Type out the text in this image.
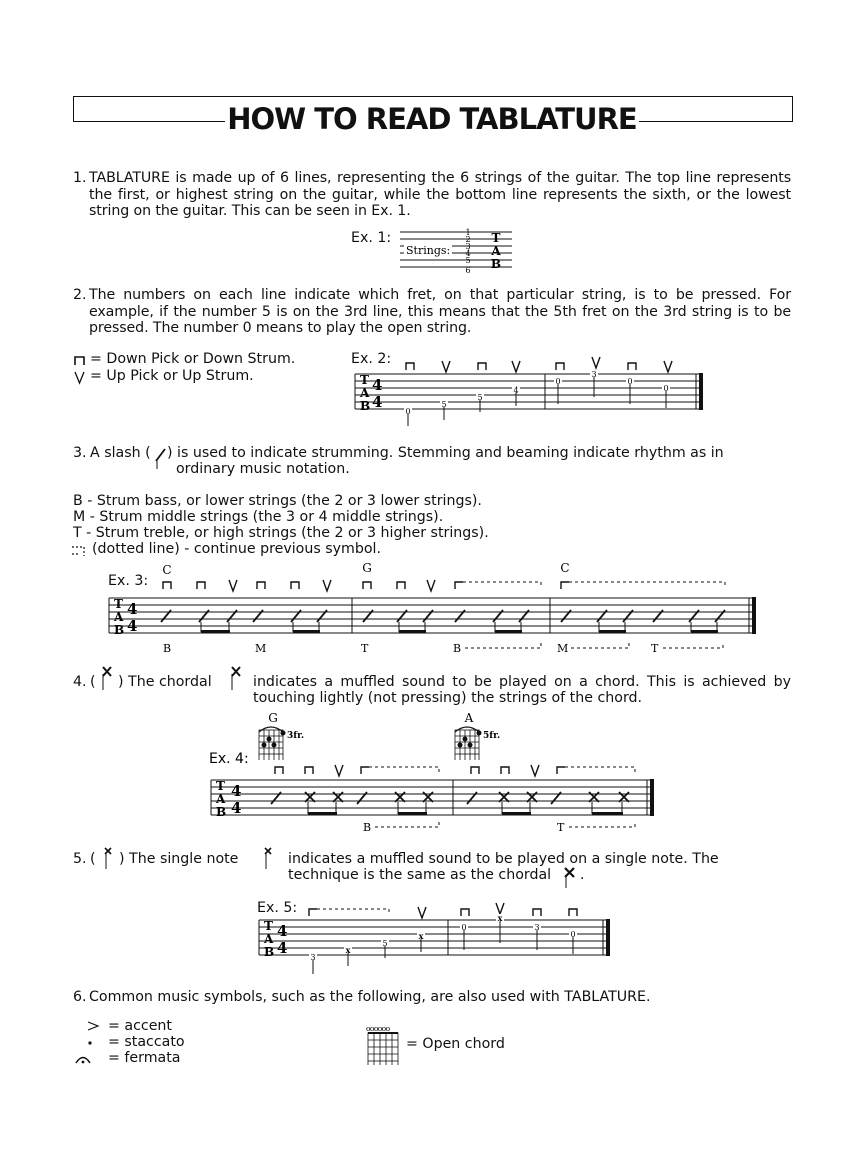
HOW TO READ TABLATURE
1. TABLATURE is made up of 6 lines, representing the 6 strings of the guitar. The top line represents the first, or highest string on the guitar, while the bottom line represents the sixth, or the lowest string on the guitar. This can be seen in Ex. 1.
Ex. 1:
Strings:
1
2
3
4
5
6
T
A
B
2. The numbers on each line indicate which fret, on that particular string, is to be pressed. For example, if the number 5 is on the 3rd line, this means that the 5th fret on the 3rd string is to be pressed. The number 0 means to play the open string.
= Down Pick or Down Strum.
= Up Pick or Up Strum.
Ex. 2:
T
A
B
4
4
0
5
5
4
0
3
0
0
3. A slash ( ) is used to indicate strumming. Stemming and beaming indicate rhythm as in
ordinary music notation.
B - Strum bass, or lower strings (the 2 or 3 lower strings).
M - Strum middle strings (the 3 or 4 middle strings).
T - Strum treble, or high strings (the 2 or 3 higher strings).
(dotted line) - continue previous symbol.
Ex. 3:
C	G	C
T
A
B
4
4
B	M	T	B	M	T
4. ( ) The chordal	indicates a muffled sound to be played on a chord. This is achieved by
touching lightly (not pressing) the strings of the chord.
G	A
3fr.	5fr.
Ex. 4:
T
A
B
4
4
B	T
5. ( ) The single note	indicates a muffled sound to be played on a single note. The
technique is the same as the chordal .
Ex. 5:
T
A
B
4
4
3
x
5
x
0
x
3
0
6. Common music symbols, such as the following, are also used with TABLATURE.
= accent
= staccato
= fermata
oooooo
= Open chord
